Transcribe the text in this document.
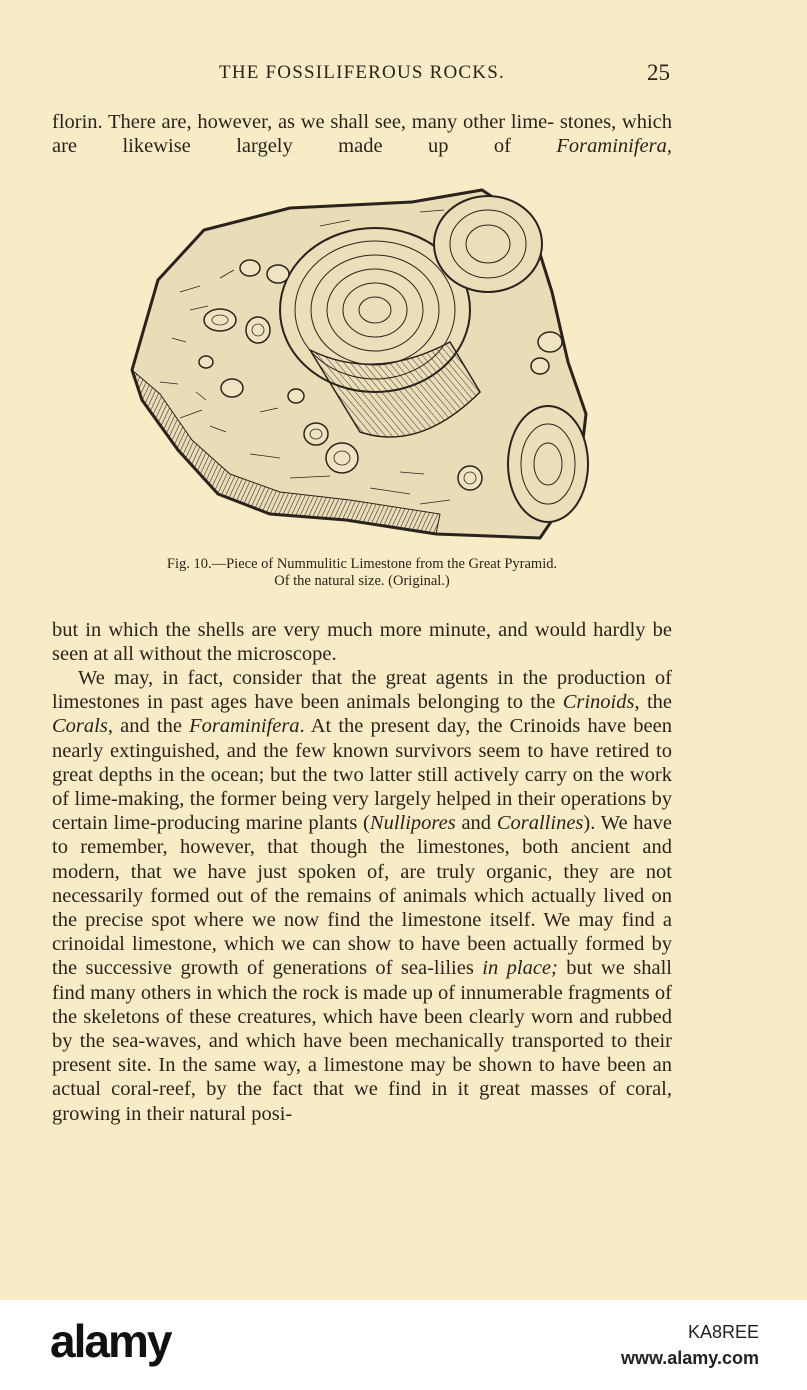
THE FOSSILIFEROUS ROCKS.	25
florin. There are, however, as we shall see, many other lime- stones, which are likewise largely made up of Foraminifera,
Fig. 10.—Piece of Nummulitic Limestone from the Great Pyramid.
Of the natural size. (Original.)
but in which the shells are very much more minute, and would hardly be seen at all without the microscope.
We may, in fact, consider that the great agents in the production of limestones in past ages have been animals belonging to the Crinoids, the Corals, and the Foraminifera. At the present day, the Crinoids have been nearly extinguished, and the few known survivors seem to have retired to great depths in the ocean; but the two latter still actively carry on the work of lime-making, the former being very largely helped in their operations by certain lime-producing marine plants (Nullipores and Corallines). We have to remember, however, that though the limestones, both ancient and modern, that we have just spoken of, are truly organic, they are not necessarily formed out of the remains of animals which actually lived on the precise spot where we now find the limestone itself. We may find a crinoidal limestone, which we can show to have been actually formed by the successive growth of generations of sea-lilies in place; but we shall find many others in which the rock is made up of innumerable fragments of the skeletons of these creatures, which have been clearly worn and rubbed by the sea-waves, and which have been mechanically transported to their present site. In the same way, a limestone may be shown to have been an actual coral-reef, by the fact that we find in it great masses of coral, growing in their natural posi-
alamy	KA8REE
www.alamy.com
